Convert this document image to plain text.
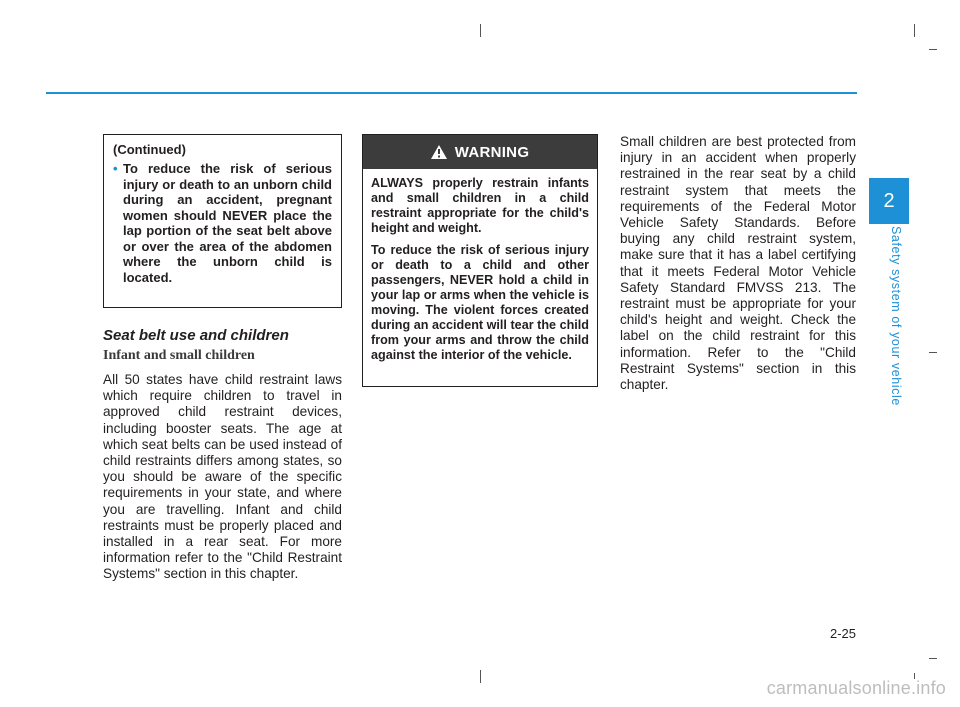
(Continued)
• To reduce the risk of serious injury or death to an unborn child during an accident, pregnant women should NEVER place the lap portion of the seat belt above or over the area of the abdomen where the unborn child is located.
WARNING

ALWAYS properly restrain infants and small children in a child restraint appropriate for the child's height and weight.

To reduce the risk of serious injury or death to a child and other passengers, NEVER hold a child in your lap or arms when the vehicle is moving. The violent forces created during an accident will tear the child from your arms and throw the child against the interior of the vehicle.

Seat belt use and children
Infant and small children

All 50 states have child restraint laws which require children to travel in approved child restraint devices, including booster seats. The age at which seat belts can be used instead of child restraints differs among states, so you should be aware of the specific requirements in your state, and where you are travelling. Infant and child restraints must be properly placed and installed in a rear seat. For more information refer to the "Child Restraint Systems" section in this chapter.

Small children are best protected from injury in an accident when properly restrained in the rear seat by a child restraint system that meets the requirements of the Federal Motor Vehicle Safety Standards. Before buying any child restraint system, make sure that it has a label certifying that it meets Federal Motor Vehicle Safety Standard FMVSS 213. The restraint must be appropriate for your child's height and weight. Check the label on the child restraint for this information. Refer to the "Child Restraint Systems" section in this chapter.

2
Safety system of your vehicle
2-25
carmanualsonline.info
